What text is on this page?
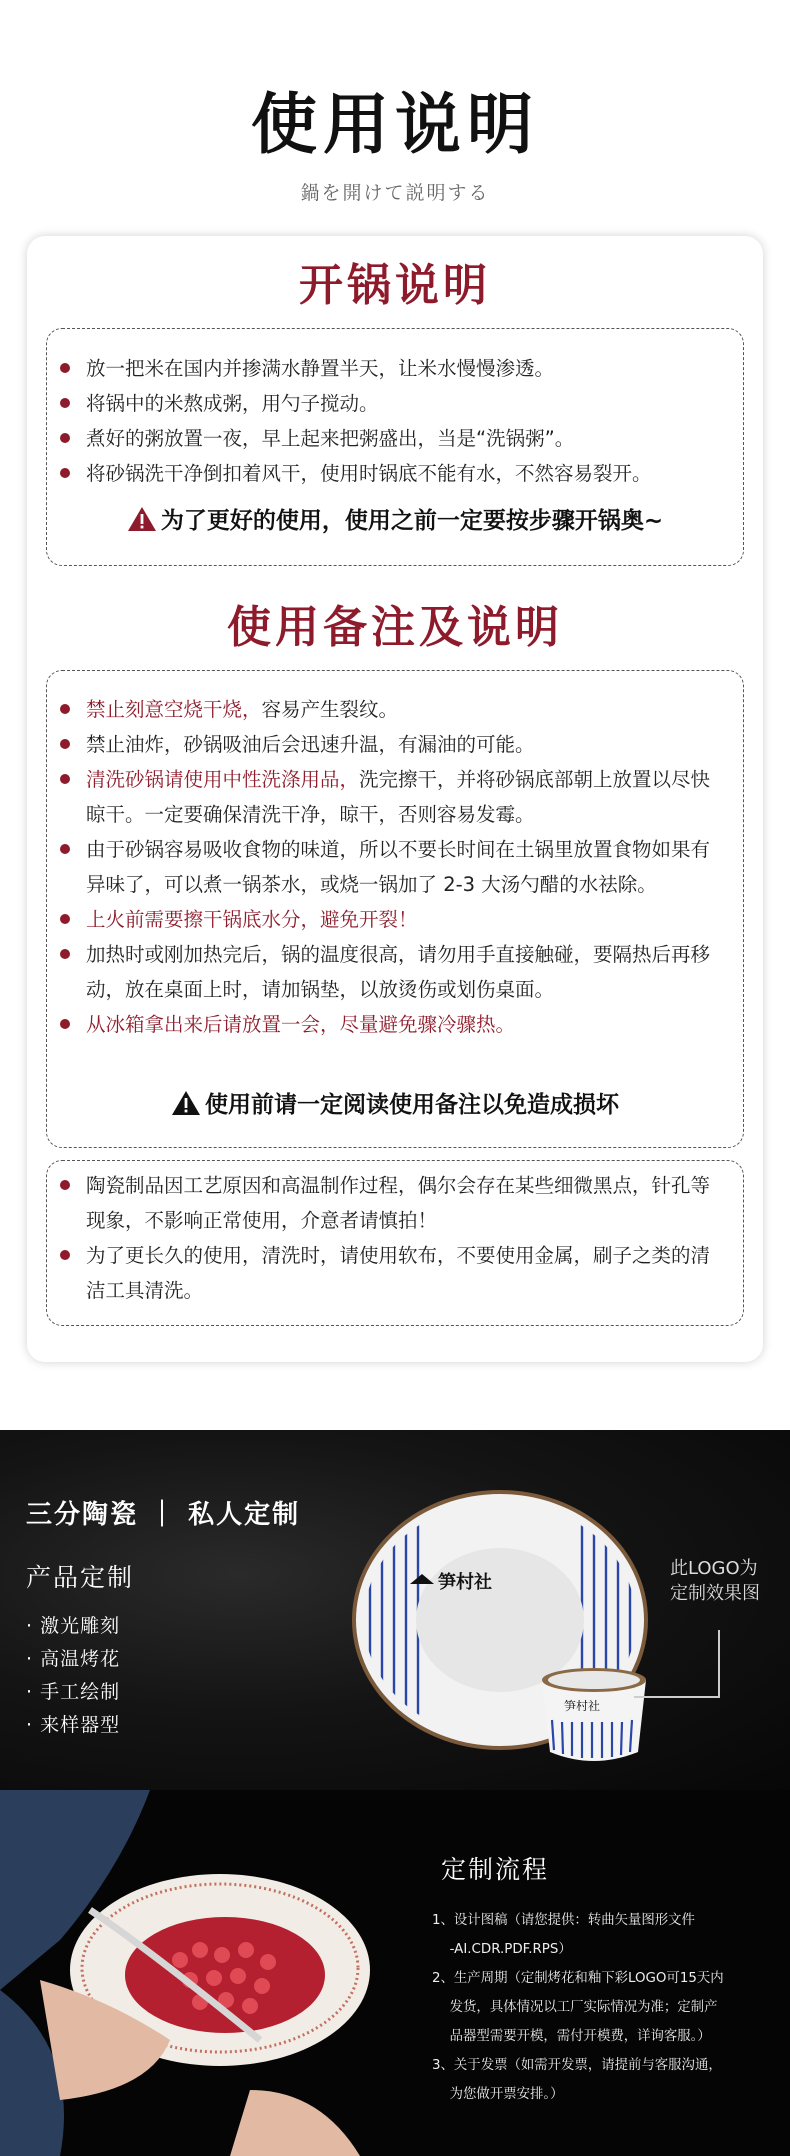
使用说明
鍋を開けて説明する
开锅说明
放一把米在国内并掺满水静置半天，让米水慢慢渗透。
将锅中的米熬成粥，用勺子搅动。
煮好的粥放置一夜，早上起来把粥盛出，当是“洗锅粥”。
将砂锅洗干净倒扣着风干，使用时锅底不能有水，不然容易裂开。
为了更好的使用，使用之前一定要按步骤开锅奥~
使用备注及说明
禁止刻意空烧干烧，容易产生裂纹。
禁止油炸，砂锅吸油后会迅速升温，有漏油的可能。
清洗砂锅请使用中性洗涤用品，洗完擦干，并将砂锅底部朝上放置以尽快晾干。一定要确保清洗干净，晾干，否则容易发霉。
由于砂锅容易吸收食物的味道，所以不要长时间在土锅里放置食物如果有异味了，可以煮一锅茶水，或烧一锅加了 2-3 大汤勺醋的水祛除。
上火前需要擦干锅底水分，避免开裂！
加热时或刚加热完后，锅的温度很高，请勿用手直接触碰，要隔热后再移动，放在桌面上时，请加锅垫，以放烫伤或划伤桌面。
从冰箱拿出来后请放置一会，尽量避免骤冷骤热。
使用前请一定阅读使用备注以免造成损坏
陶瓷制品因工艺原因和高温制作过程，偶尔会存在某些细微黑点，针孔等现象，不影响正常使用，介意者请慎拍！
为了更长久的使用，清洗时，请使用软布，不要使用金属，刷子之类的清洁工具清洗。
笋村社
笋村社
三分陶瓷 ｜ 私人定制
产品定制
· 激光雕刻
· 高温烤花
· 手工绘制
· 来样器型
此LOGO为
定制效果图
定制流程
1、设计图稿（请您提供：转曲矢量图形文件
　 -AI.CDR.PDF.RPS）
2、生产周期（定制烤花和釉下彩LOGO可15天内
　 发货，具体情况以工厂实际情况为准；定制产
　 品器型需要开模，需付开模费，详询客服。）
3、关于发票（如需开发票，请提前与客服沟通，
　 为您做开票安排。）
